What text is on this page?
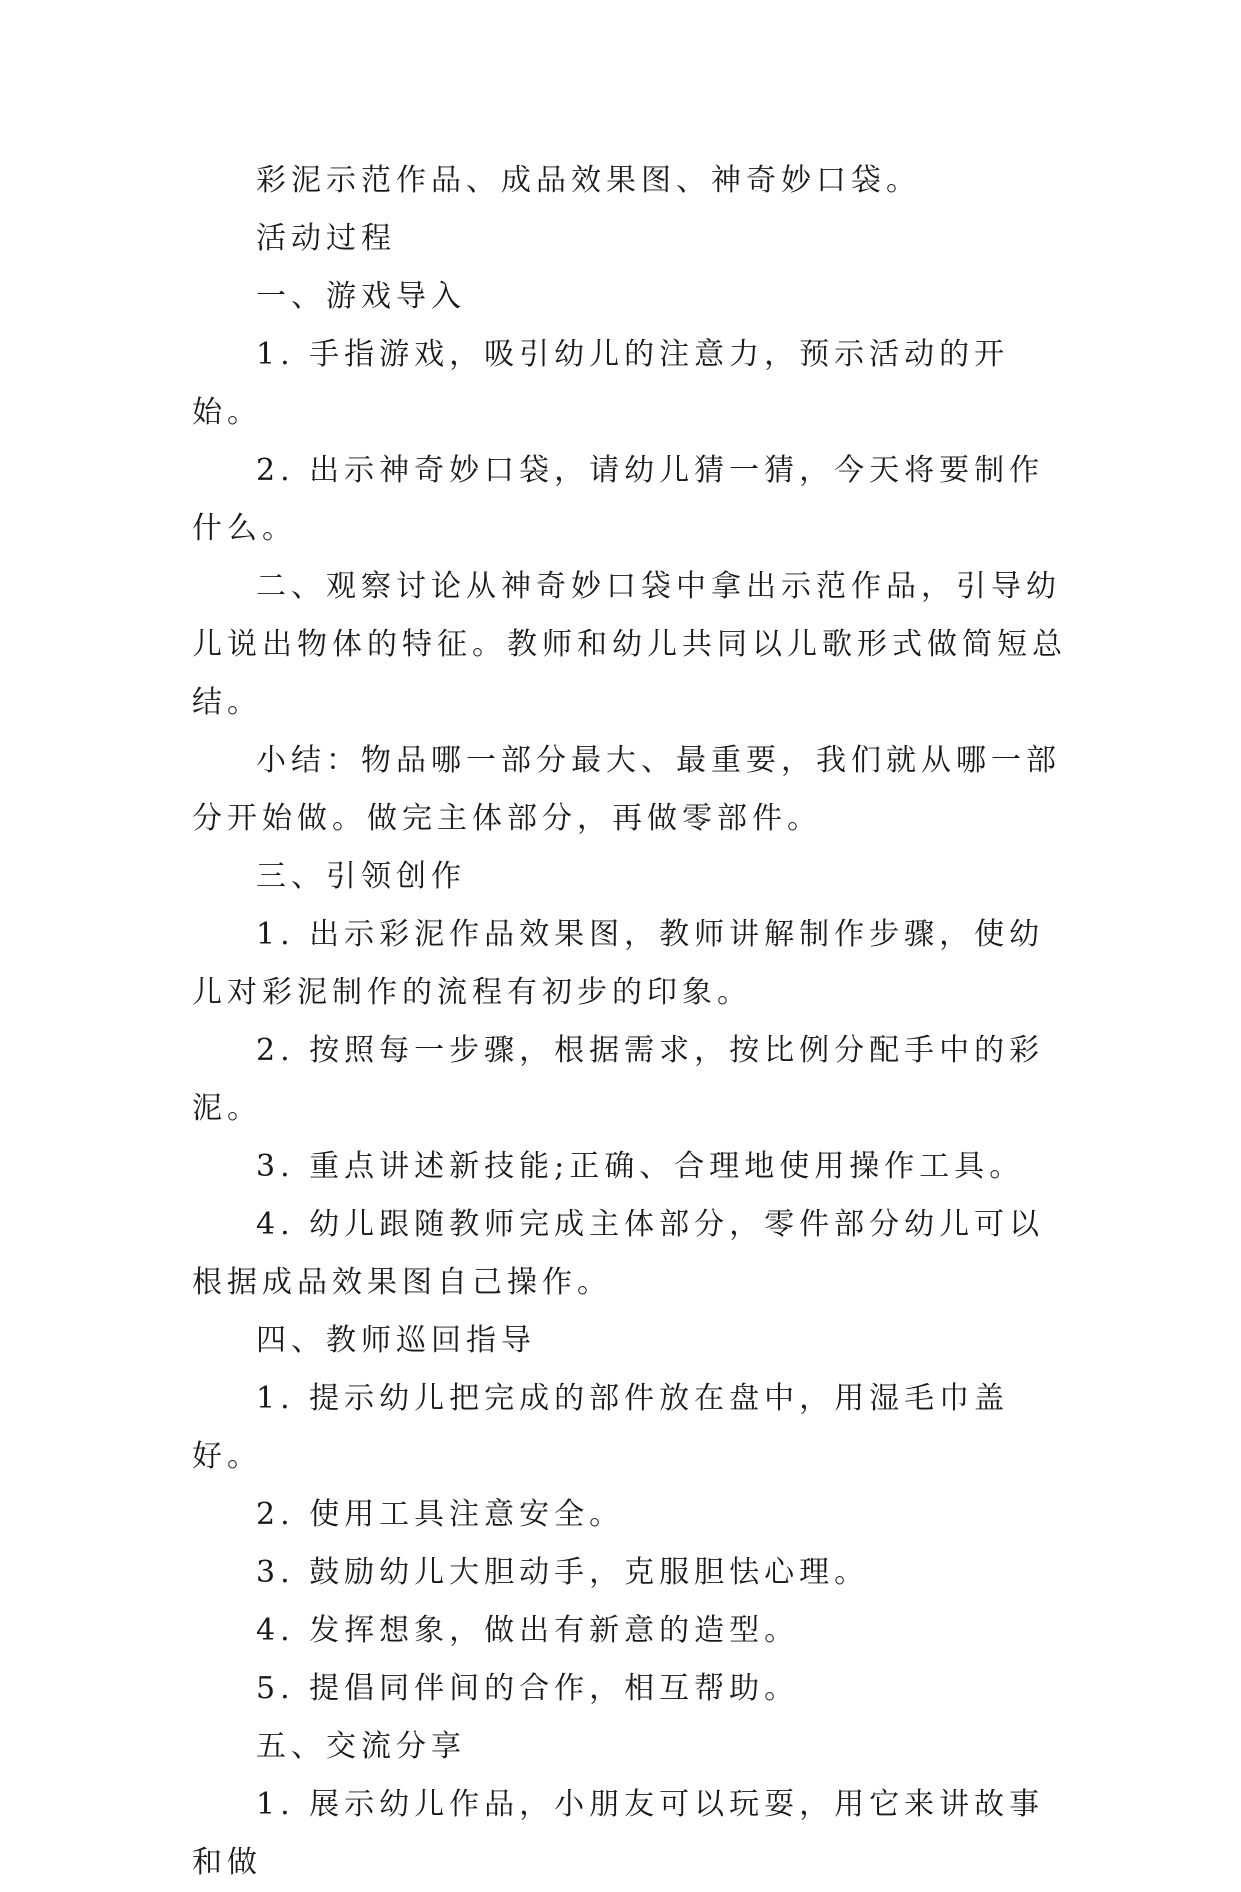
彩泥示范作品、成品效果图、神奇妙口袋。

活动过程

一、游戏导入

1. 手指游戏，吸引幼儿的注意力，预示活动的开始。

2. 出示神奇妙口袋，请幼儿猜一猜，今天将要制作什么。

二、观察讨论从神奇妙口袋中拿出示范作品，引导幼儿说出物体的特征。教师和幼儿共同以儿歌形式做简短总结。

小结：物品哪一部分最大、最重要，我们就从哪一部分开始做。做完主体部分，再做零部件。

三、引领创作

1. 出示彩泥作品效果图，教师讲解制作步骤，使幼儿对彩泥制作的流程有初步的印象。

2. 按照每一步骤，根据需求，按比例分配手中的彩泥。

3. 重点讲述新技能;正确、合理地使用操作工具。

4. 幼儿跟随教师完成主体部分，零件部分幼儿可以根据成品效果图自己操作。

四、教师巡回指导

1. 提示幼儿把完成的部件放在盘中，用湿毛巾盖好。

2. 使用工具注意安全。

3. 鼓励幼儿大胆动手，克服胆怯心理。

4. 发挥想象，做出有新意的造型。

5. 提倡同伴间的合作，相互帮助。

五、交流分享

1. 展示幼儿作品，小朋友可以玩耍，用它来讲故事和做
